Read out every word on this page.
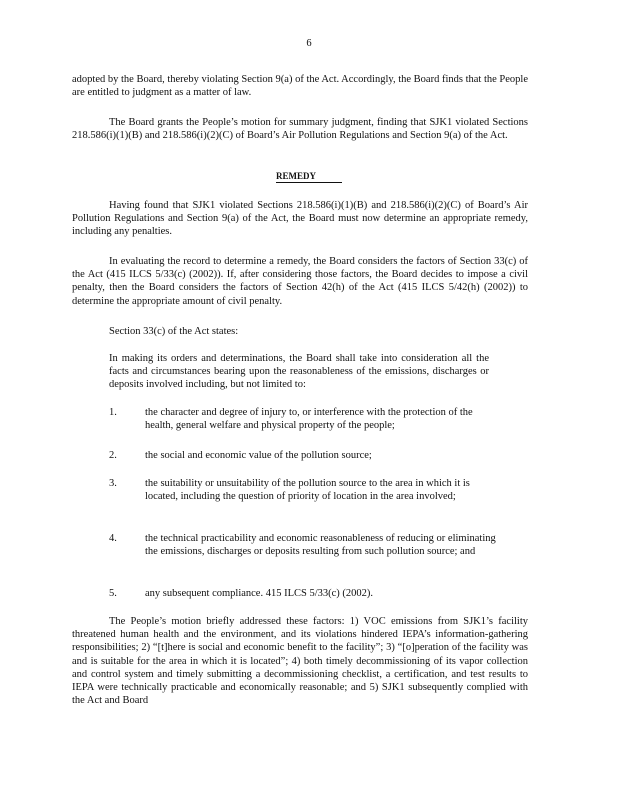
6

adopted by the Board, thereby violating Section 9(a) of the Act. Accordingly, the Board finds that the People are entitled to judgment as a matter of law.

The Board grants the People’s motion for summary judgment, finding that SJK1 violated Sections 218.586(i)(1)(B) and 218.586(i)(2)(C) of Board’s Air Pollution Regulations and Section 9(a) of the Act.

REMEDY

Having found that SJK1 violated Sections 218.586(i)(1)(B) and 218.586(i)(2)(C) of Board’s Air Pollution Regulations and Section 9(a) of the Act, the Board must now determine an appropriate remedy, including any penalties.

In evaluating the record to determine a remedy, the Board considers the factors of Section 33(c) of the Act (415 ILCS 5/33(c) (2002)). If, after considering those factors, the Board decides to impose a civil penalty, then the Board considers the factors of Section 42(h) of the Act (415 ILCS 5/42(h) (2002)) to determine the appropriate amount of civil penalty.

Section 33(c) of the Act states:

In making its orders and determinations, the Board shall take into consideration all the facts and circumstances bearing upon the reasonableness of the emissions, discharges or deposits involved including, but not limited to:

1.	the character and degree of injury to, or interference with the protection of the health, general welfare and physical property of the people;

2.	the social and economic value of the pollution source;

3.	the suitability or unsuitability of the pollution source to the area in which it is located, including the question of priority of location in the area involved;

4.	the technical practicability and economic reasonableness of reducing or eliminating the emissions, discharges or deposits resulting from such pollution source; and

5.	any subsequent compliance. 415 ILCS 5/33(c) (2002).

The People’s motion briefly addressed these factors: 1) VOC emissions from SJK1’s facility threatened human health and the environment, and its violations hindered IEPA’s information-gathering responsibilities; 2) “[t]here is social and economic benefit to the facility”; 3) “[o]peration of the facility was and is suitable for the area in which it is located”; 4) both timely decommissioning of its vapor collection and control system and timely submitting a decommissioning checklist, a certification, and test results to IEPA were technically practicable and economically reasonable; and 5) SJK1 subsequently complied with the Act and Board
